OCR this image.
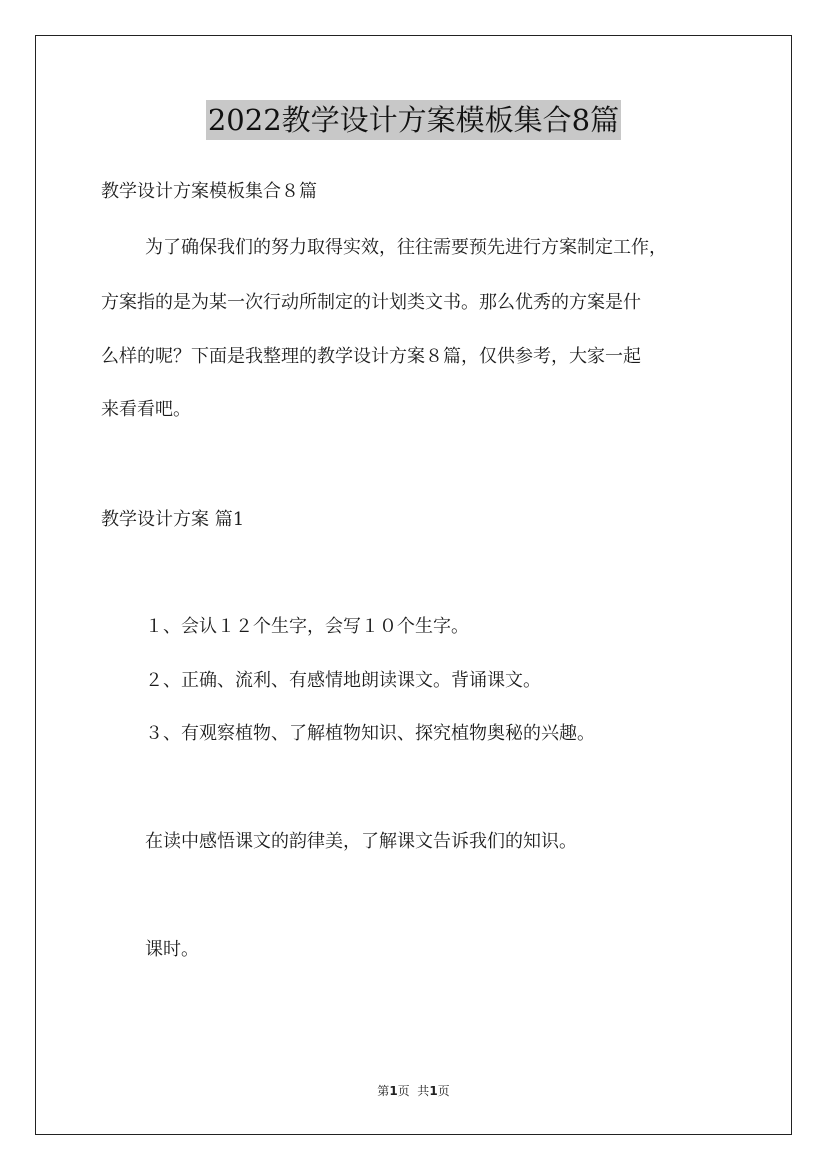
2022教学设计方案模板集合8篇
教学设计方案模板集合８篇
为了确保我们的努力取得实效，往往需要预先进行方案制定工作，
方案指的是为某一次行动所制定的计划类文书。那么优秀的方案是什
么样的呢？下面是我整理的教学设计方案８篇，仅供参考，大家一起
来看看吧。
教学设计方案 篇1
１、会认１２个生字，会写１０个生字。
２、正确、流利、有感情地朗读课文。背诵课文。
３、有观察植物、了解植物知识、探究植物奥秘的兴趣。
在读中感悟课文的韵律美，了解课文告诉我们的知识。
课时。
第1页  共1页
